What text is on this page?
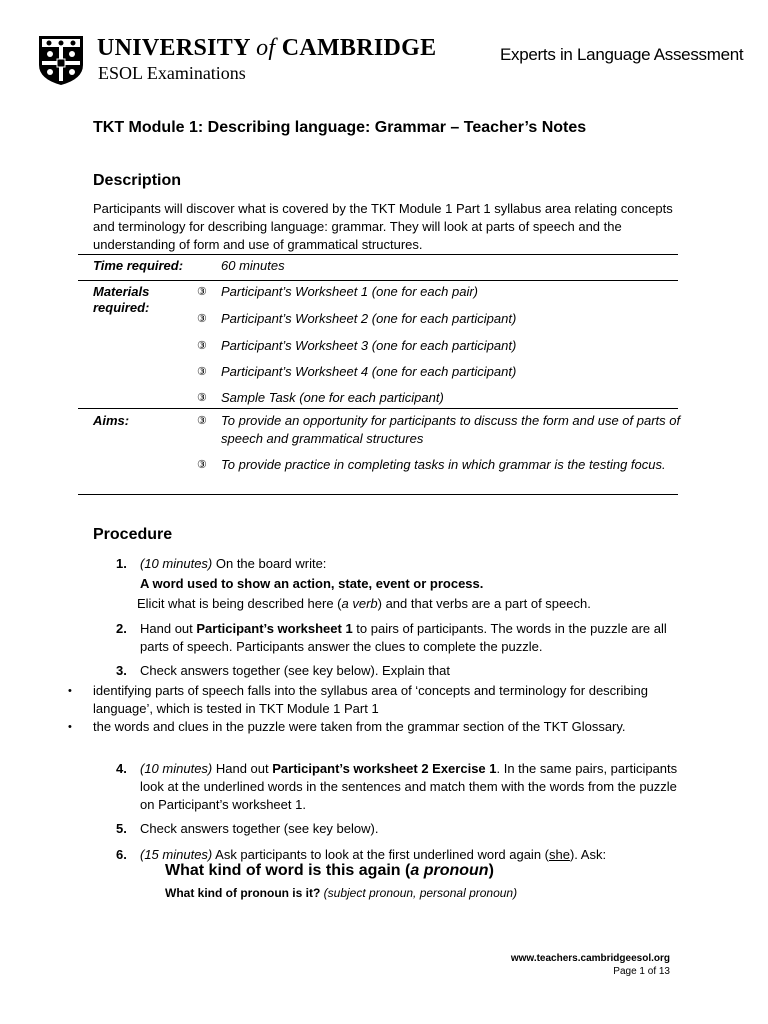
UNIVERSITY of CAMBRIDGE
ESOL Examinations
Experts in Language Assessment
TKT Module 1: Describing language: Grammar – Teacher’s Notes
Description
Participants will discover what is covered by the TKT Module 1 Part 1 syllabus area relating concepts and terminology for describing language: grammar. They will look at parts of speech and the understanding of form and use of grammatical structures.
Time required:	60 minutes
Materials required:
③ Participant’s Worksheet 1 (one for each pair)
③ Participant’s Worksheet 2 (one for each participant)
③ Participant’s Worksheet 3 (one for each participant)
③ Participant’s Worksheet 4 (one for each participant)
③ Sample Task (one for each participant)
Aims:	③ To provide an opportunity for participants to discuss the form and use of parts of speech and grammatical structures
③ To provide practice in completing tasks in which grammar is the testing focus.
Procedure
1. (10 minutes) On the board write:
A word used to show an action, state, event or process.
Elicit what is being described here (a verb) and that verbs are a part of speech.
2. Hand out Participant’s worksheet 1 to pairs of participants. The words in the puzzle are all parts of speech. Participants answer the clues to complete the puzzle.
3. Check answers together (see key below). Explain that
• identifying parts of speech falls into the syllabus area of ‘concepts and terminology for describing language’, which is tested in TKT Module 1 Part 1
• the words and clues in the puzzle were taken from the grammar section of the TKT Glossary.
4. (10 minutes) Hand out Participant’s worksheet 2 Exercise 1. In the same pairs, participants look at the underlined words in the sentences and match them with the words from the puzzle on Participant’s worksheet 1.
5. Check answers together (see key below).
6. (15 minutes) Ask participants to look at the first underlined word again (she). Ask:
What kind of word is this again (a pronoun)
What kind of pronoun is it? (subject pronoun, personal pronoun)
www.teachers.cambridgeesol.org
Page 1 of 13
